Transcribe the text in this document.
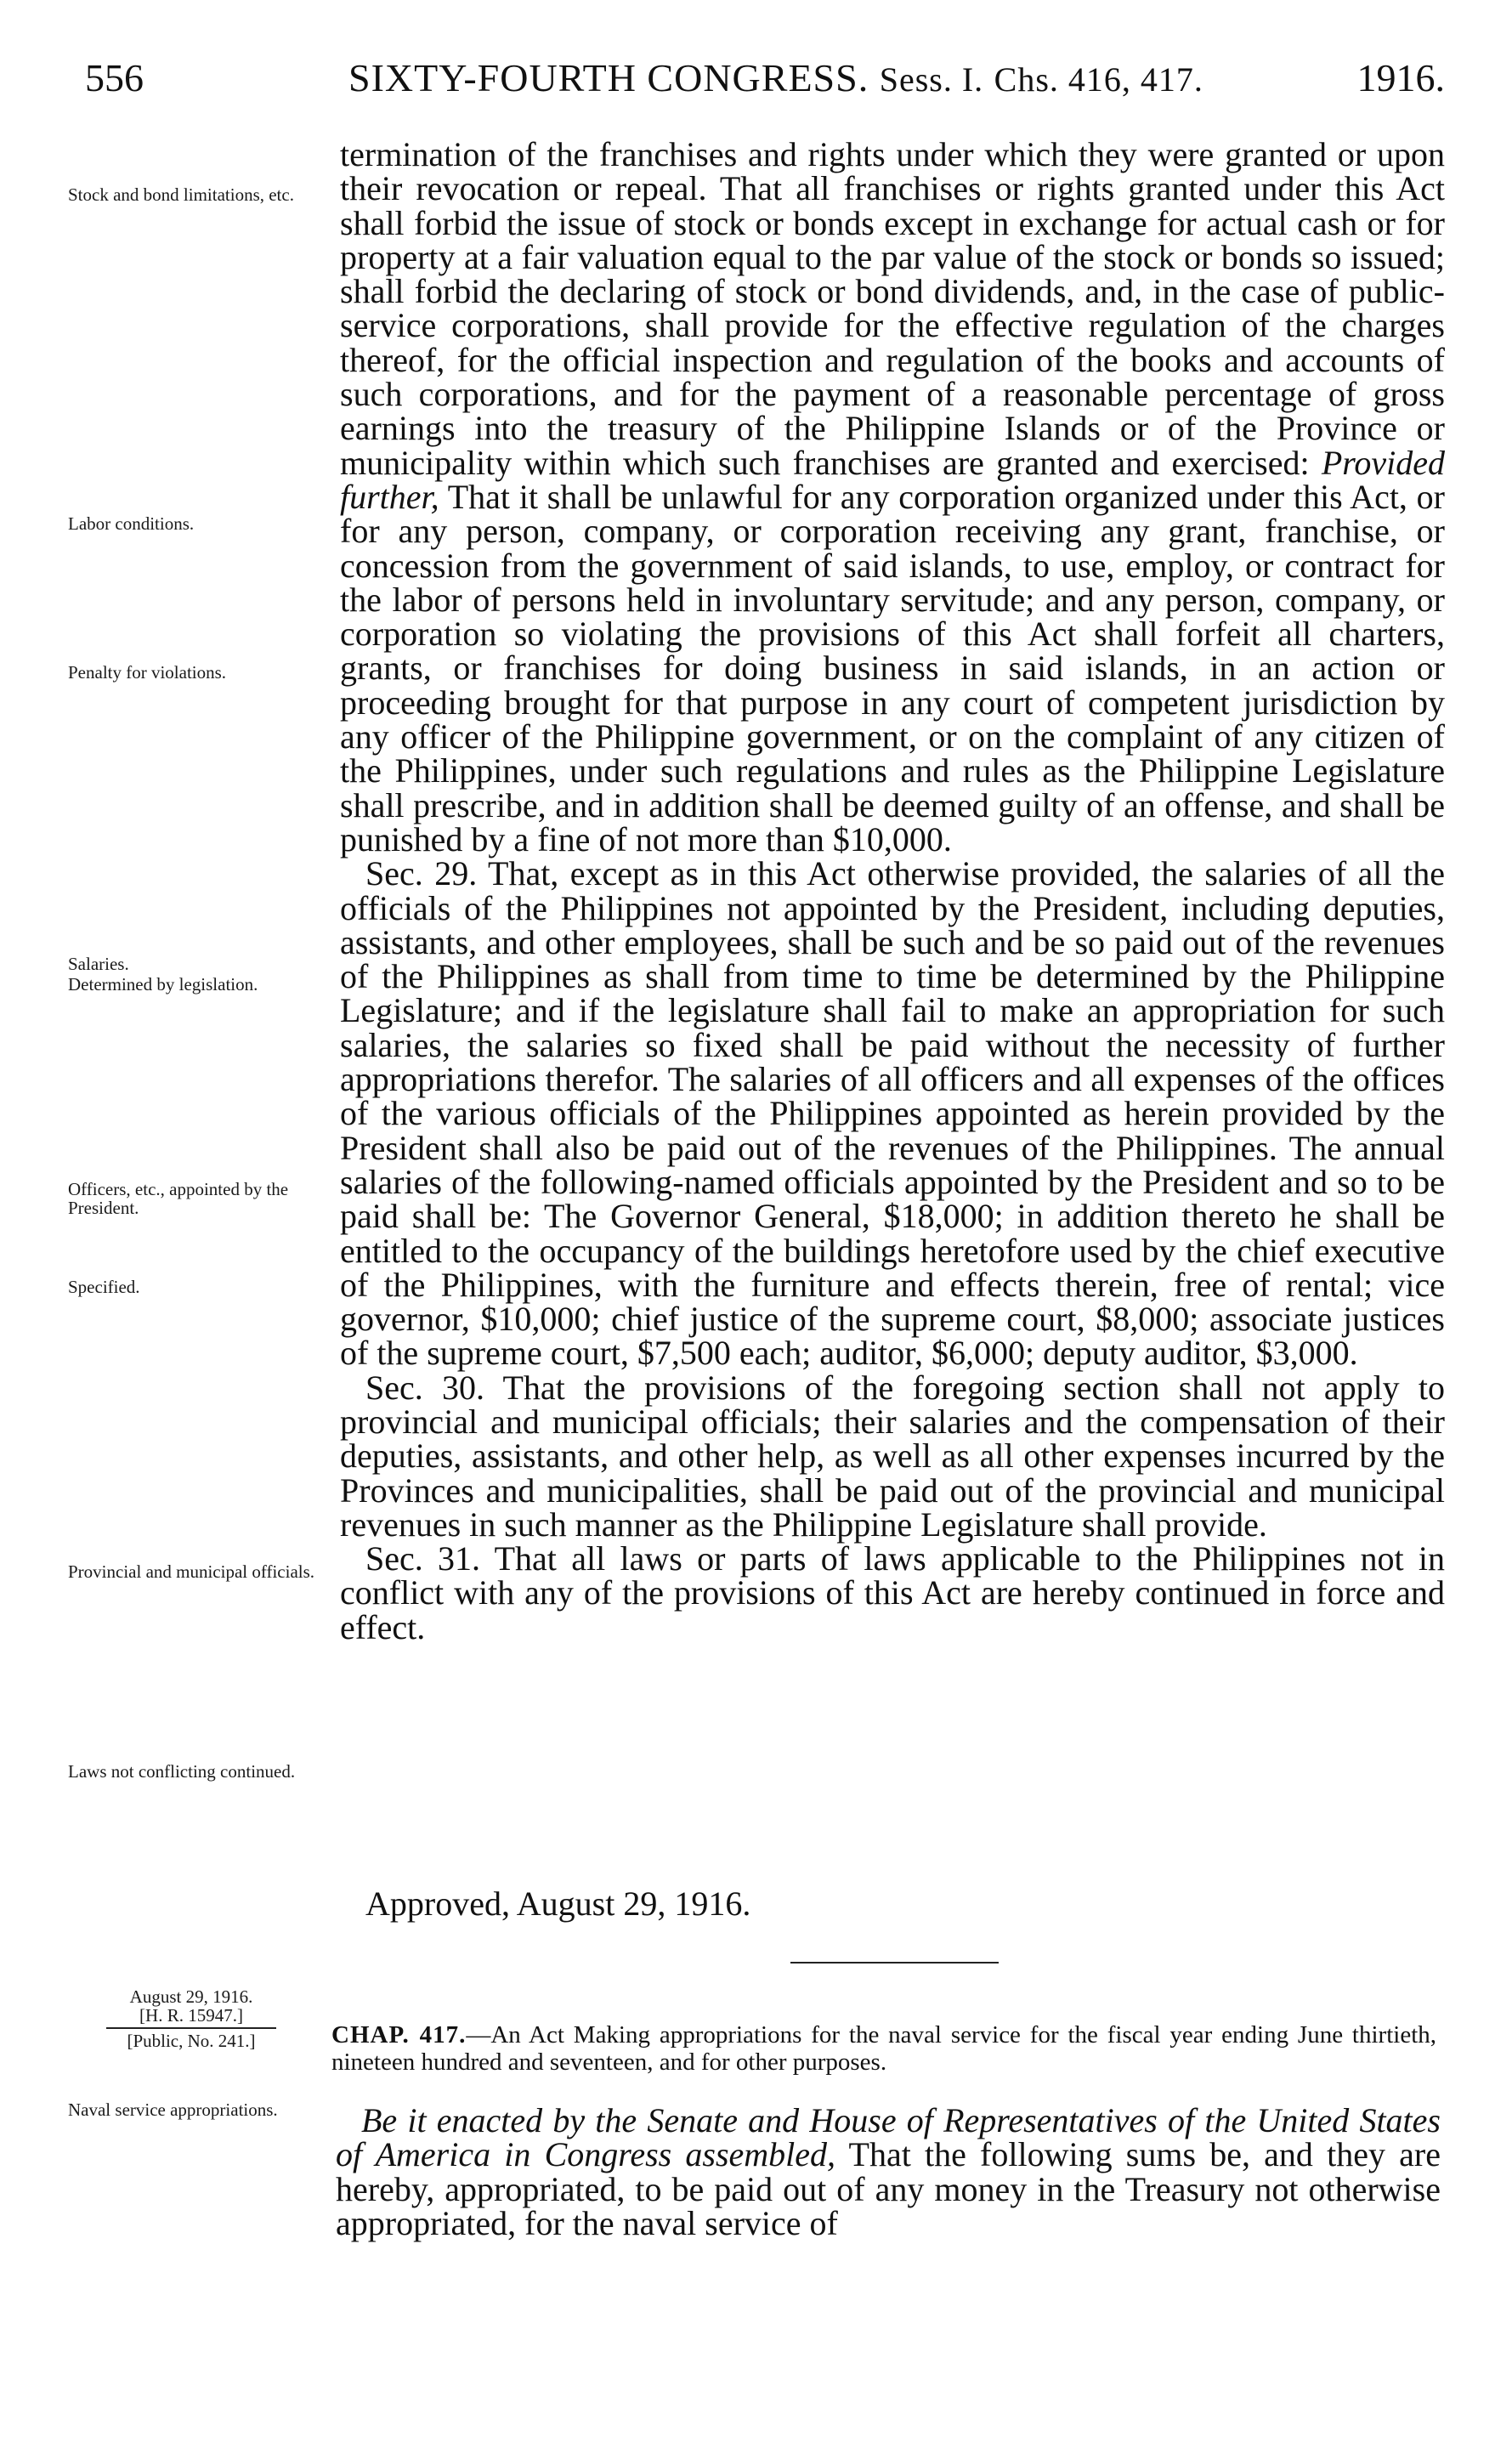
556	SIXTY-FOURTH CONGRESS. Sess. I. Chs. 416, 417.	1916.
Stock and bond limitations, etc.
Labor conditions.
Penalty for violations.
Salaries.
Determined by legislation.
Officers, etc., appointed by the President.
Specified.
Provincial and municipal officials.
Laws not conflicting continued.
Naval service appropriations.

termination of the franchises and rights under which they were granted or upon their revocation or repeal. That all franchises or rights granted under this Act shall forbid the issue of stock or bonds except in exchange for actual cash or for property at a fair valuation equal to the par value of the stock or bonds so issued; shall forbid the declaring of stock or bond dividends, and, in the case of public-service corporations, shall provide for the effective regulation of the charges thereof, for the official inspection and regulation of the books and accounts of such corporations, and for the payment of a reasonable percentage of gross earnings into the treasury of the Philippine Islands or of the Province or municipality within which such franchises are granted and exercised: Provided further, That it shall be unlawful for any corporation organized under this Act, or for any person, company, or corporation receiving any grant, franchise, or concession from the government of said islands, to use, employ, or contract for the labor of persons held in involuntary servitude; and any person, company, or corporation so violating the provisions of this Act shall forfeit all charters, grants, or franchises for doing business in said islands, in an action or proceeding brought for that purpose in any court of competent jurisdiction by any officer of the Philippine government, or on the complaint of any citizen of the Philippines, under such regulations and rules as the Philippine Legislature shall prescribe, and in addition shall be deemed guilty of an offense, and shall be punished by a fine of not more than $10,000.

Sec. 29. That, except as in this Act otherwise provided, the salaries of all the officials of the Philippines not appointed by the President, including deputies, assistants, and other employees, shall be such and be so paid out of the revenues of the Philippines as shall from time to time be determined by the Philippine Legislature; and if the legislature shall fail to make an appropriation for such salaries, the salaries so fixed shall be paid without the necessity of further appropriations therefor. The salaries of all officers and all expenses of the offices of the various officials of the Philippines appointed as herein provided by the President shall also be paid out of the revenues of the Philippines. The annual salaries of the following-named officials appointed by the President and so to be paid shall be: The Governor General, $18,000; in addition thereto he shall be entitled to the occupancy of the buildings heretofore used by the chief executive of the Philippines, with the furniture and effects therein, free of rental; vice governor, $10,000; chief justice of the supreme court, $8,000; associate justices of the supreme court, $7,500 each; auditor, $6,000; deputy auditor, $3,000.

Sec. 30. That the provisions of the foregoing section shall not apply to provincial and municipal officials; their salaries and the compensation of their deputies, assistants, and other help, as well as all other expenses incurred by the Provinces and municipalities, shall be paid out of the provincial and municipal revenues in such manner as the Philippine Legislature shall provide.

Sec. 31. That all laws or parts of laws applicable to the Philippines not in conflict with any of the provisions of this Act are hereby continued in force and effect.

Approved, August 29, 1916.
August 29, 1916.
[H. R. 15947.]
[Public, No. 241.]	CHAP. 417.—An Act Making appropriations for the naval service for the fiscal year ending June thirtieth, nineteen hundred and seventeen, and for other purposes.

Be it enacted by the Senate and House of Representatives of the United States of America in Congress assembled, That the following sums be, and they are hereby, appropriated, to be paid out of any money in the Treasury not otherwise appropriated, for the naval service of
